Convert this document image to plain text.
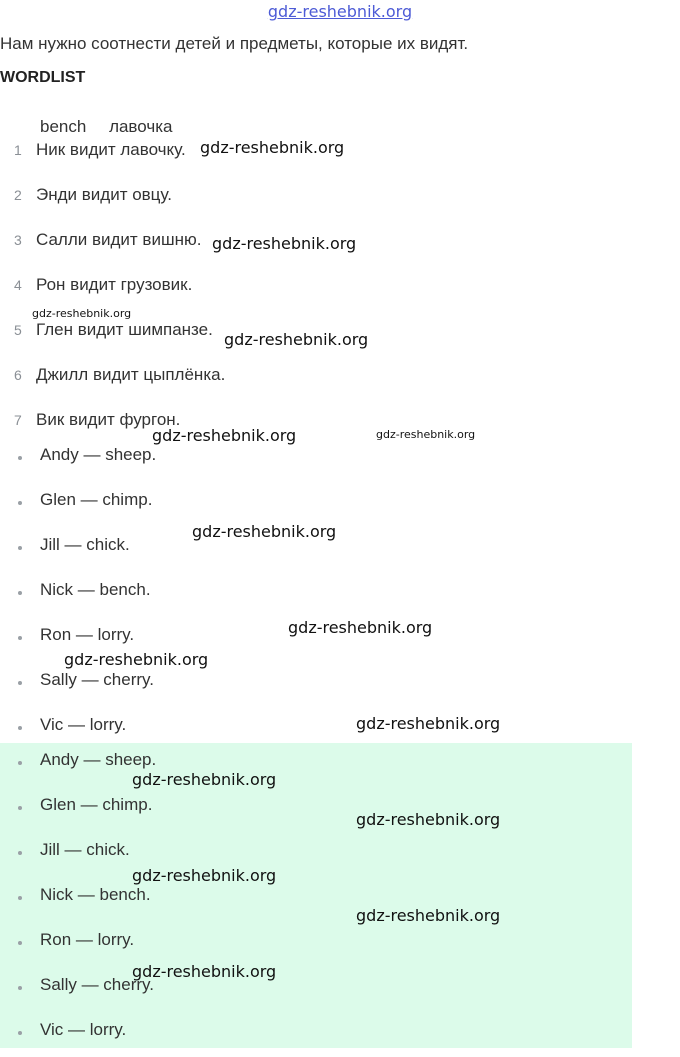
gdz-reshebnik.org
Нам нужно соотнести детей и предметы, которые их видят.
WORDLIST
bench лавочка
1 Ник видит лавочку.
2 Энди видит овцу.
3 Салли видит вишню.
4 Рон видит грузовик.
5 Глен видит шимпанзе.
6 Джилл видит цыплёнка.
7 Вик видит фургон.
Andy — sheep.
Glen — chimp.
Jill — chick.
Nick — bench.
Ron — lorry.
Sally — cherry.
Vic — lorry.
Andy — sheep.
Glen — chimp.
Jill — chick.
Nick — bench.
Ron — lorry.
Sally — cherry.
Vic — lorry.
gdz-reshebnik.org
gdz-reshebnik.org
gdz-reshebnik.org
gdz-reshebnik.org
gdz-reshebnik.org	gdz-reshebnik.org
gdz-reshebnik.org
gdz-reshebnik.org
gdz-reshebnik.org
gdz-reshebnik.org
gdz-reshebnik.org
gdz-reshebnik.org
gdz-reshebnik.org
gdz-reshebnik.org
gdz-reshebnik.org
